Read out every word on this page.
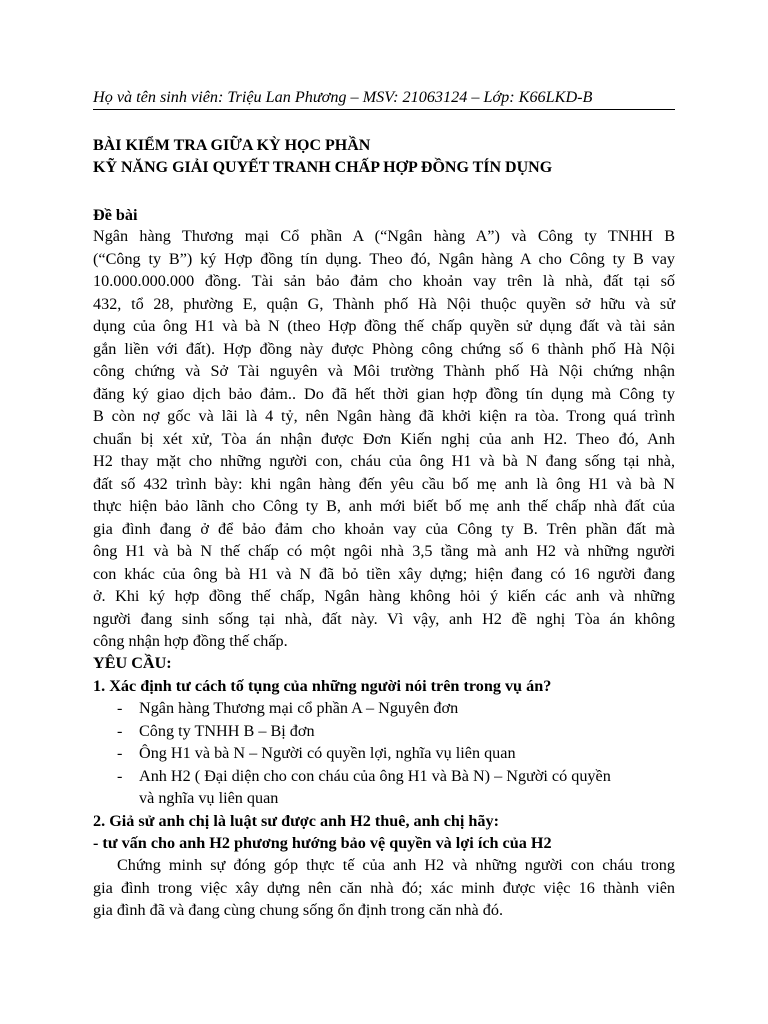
Họ và tên sinh viên: Triệu Lan Phương – MSV: 21063124 – Lớp: K66LKD-B
BÀI KIỂM TRA GIỮA KỲ HỌC PHẦN
KỸ NĂNG GIẢI QUYẾT TRANH CHẤP HỢP ĐỒNG TÍN DỤNG
Đề bài
Ngân hàng Thương mại Cổ phần A (“Ngân hàng A”) và Công ty TNHH B
(“Công ty B”) ký Hợp đồng tín dụng. Theo đó, Ngân hàng A cho Công ty B vay
10.000.000.000 đồng. Tài sản bảo đảm cho khoản vay trên là nhà, đất tại số
432, tổ 28, phường E, quận G, Thành phố Hà Nội thuộc quyền sở hữu và sử
dụng của ông H1 và bà N (theo Hợp đồng thế chấp quyền sử dụng đất và tài sản
gắn liền với đất). Hợp đồng này được Phòng công chứng số 6 thành phố Hà Nội
công chứng và Sở Tài nguyên và Môi trường Thành phố Hà Nội chứng nhận
đăng ký giao dịch bảo đảm.. Do đã hết thời gian hợp đồng tín dụng mà Công ty
B còn nợ gốc và lãi là 4 tỷ, nên Ngân hàng đã khởi kiện ra tòa. Trong quá trình
chuẩn bị xét xử, Tòa án nhận được Đơn Kiến nghị của anh H2. Theo đó, Anh
H2 thay mặt cho những người con, cháu của ông H1 và bà N đang sống tại nhà,
đất số 432 trình bày: khi ngân hàng đến yêu cầu bố mẹ anh là ông H1 và bà N
thực hiện bảo lãnh cho Công ty B, anh mới biết bố mẹ anh thế chấp nhà đất của
gia đình đang ở để bảo đảm cho khoản vay của Công ty B. Trên phần đất mà
ông H1 và bà N thế chấp có một ngôi nhà 3,5 tầng mà anh H2 và những người
con khác của ông bà H1 và N đã bỏ tiền xây dựng; hiện đang có 16 người đang
ở. Khi ký hợp đồng thế chấp, Ngân hàng không hỏi ý kiến các anh và những
người đang sinh sống tại nhà, đất này. Vì vậy, anh H2 đề nghị Tòa án không
công nhận hợp đồng thế chấp.
YÊU CẦU:
1. Xác định tư cách tố tụng của những người nói trên trong vụ án?
- Ngân hàng Thương mại cổ phần A – Nguyên đơn
- Công ty TNHH B – Bị đơn
- Ông H1 và bà N – Người có quyền lợi, nghĩa vụ liên quan
- Anh H2 ( Đại diện cho con cháu của ông H1 và Bà N) – Người có quyền
và nghĩa vụ liên quan
2. Giả sử anh chị là luật sư được anh H2 thuê, anh chị hãy:
- tư vấn cho anh H2 phương hướng bảo vệ quyền và lợi ích của H2
Chứng minh sự đóng góp thực tế của anh H2 và những người con cháu trong
gia đình trong việc xây dựng nên căn nhà đó; xác minh được việc 16 thành viên
gia đình đã và đang cùng chung sống ổn định trong căn nhà đó.
